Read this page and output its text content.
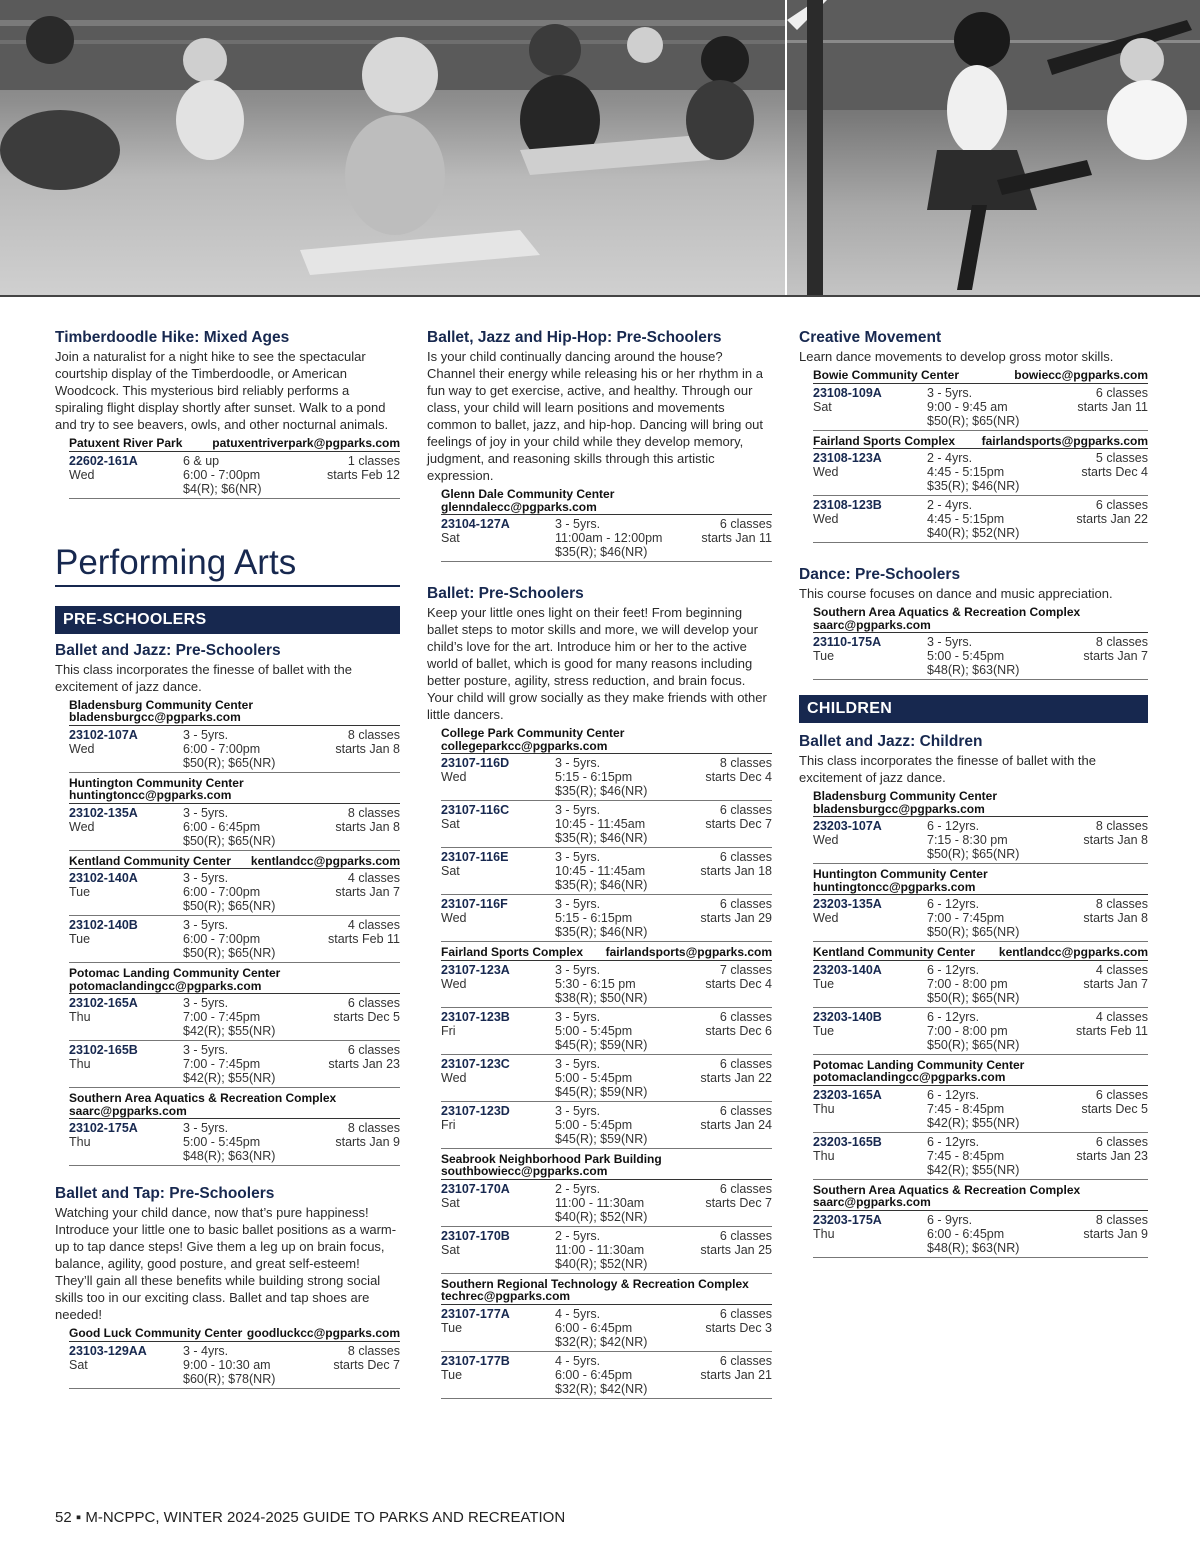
Timberdoodle Hike: Mixed Ages
Join a naturalist for a night hike to see the spectacular courtship display of the Timberdoodle, or American Woodcock. This mysterious bird reliably performs a spiraling flight display shortly after sunset. Walk to a pond and try to see beavers, owls, and other nocturnal animals.
Patuxent River Park patuxentriverpark@pgparks.com
22602-161A	6 & up	1 classes
Wed	6:00 - 7:00pm	starts Feb 12
$4(R); $6(NR)
Performing Arts
PRE-SCHOOLERS
Ballet and Jazz: Pre-Schoolers
This class incorporates the finesse of ballet with the excitement of jazz dance.
Bladensburg Community Center
bladensburgcc@pgparks.com
23102-107A	3 - 5yrs.	8 classes
Wed	6:00 - 7:00pm	starts Jan 8
$50(R); $65(NR)
Huntington Community Center
huntingtoncc@pgparks.com
23102-135A	3 - 5yrs.	8 classes
Wed	6:00 - 6:45pm	starts Jan 8
$50(R); $65(NR)
Kentland Community Center kentlandcc@pgparks.com
23102-140A	3 - 5yrs.	4 classes
Tue	6:00 - 7:00pm	starts Jan 7
$50(R); $65(NR)
23102-140B	3 - 5yrs.	4 classes
Tue	6:00 - 7:00pm	starts Feb 11
$50(R); $65(NR)
Potomac Landing Community Center
potomaclandingcc@pgparks.com
23102-165A	3 - 5yrs.	6 classes
Thu	7:00 - 7:45pm	starts Dec 5
$42(R); $55(NR)
23102-165B	3 - 5yrs.	6 classes
Thu	7:00 - 7:45pm	starts Jan 23
$42(R); $55(NR)
Southern Area Aquatics & Recreation Complex
saarc@pgparks.com
23102-175A	3 - 5yrs.	8 classes
Thu	5:00 - 5:45pm	starts Jan 9
$48(R); $63(NR)
Ballet and Tap: Pre-Schoolers
Watching your child dance, now that’s pure happiness! Introduce your little one to basic ballet positions as a warm-up to tap dance steps! Give them a leg up on brain focus, balance, agility, good posture, and great self-esteem! They’ll gain all these benefits while building strong social skills too in our exciting class. Ballet and tap shoes are needed!
Good Luck Community Center goodluckcc@pgparks.com
23103-129AA	3 - 4yrs.	8 classes
Sat	9:00 - 10:30 am	starts Dec 7
$60(R); $78(NR)
Ballet, Jazz and Hip-Hop: Pre-Schoolers
Is your child continually dancing around the house? Channel their energy while releasing his or her rhythm in a fun way to get exercise, active, and healthy. Through our class, your child will learn positions and movements common to ballet, jazz, and hip-hop. Dancing will bring out feelings of joy in your child while they develop memory, judgment, and reasoning skills through this artistic expression.
Glenn Dale Community Center
glenndalecc@pgparks.com
23104-127A	3 - 5yrs.	6 classes
Sat	11:00am - 12:00pm	starts Jan 11
$35(R); $46(NR)
Ballet: Pre-Schoolers
Keep your little ones light on their feet! From beginning ballet steps to motor skills and more, we will develop your child’s love for the art. Introduce him or her to the active world of ballet, which is good for many reasons including better posture, agility, stress reduction, and brain focus. Your child will grow socially as they make friends with other little dancers.
College Park Community Center
collegeparkcc@pgparks.com
23107-116D	3 - 5yrs.	8 classes
Wed	5:15 - 6:15pm	starts Dec 4
$35(R); $46(NR)
23107-116C	3 - 5yrs.	6 classes
Sat	10:45 - 11:45am	starts Dec 7
$35(R); $46(NR)
23107-116E	3 - 5yrs.	6 classes
Sat	10:45 - 11:45am	starts Jan 18
$35(R); $46(NR)
23107-116F	3 - 5yrs.	6 classes
Wed	5:15 - 6:15pm	starts Jan 29
$35(R); $46(NR)
Fairland Sports Complex fairlandsports@pgparks.com
23107-123A	3 - 5yrs.	7 classes
Wed	5:30 - 6:15 pm	starts Dec 4
$38(R); $50(NR)
23107-123B	3 - 5yrs.	6 classes
Fri	5:00 - 5:45pm	starts Dec 6
$45(R); $59(NR)
23107-123C	3 - 5yrs.	6 classes
Wed	5:00 - 5:45pm	starts Jan 22
$45(R); $59(NR)
23107-123D	3 - 5yrs.	6 classes
Fri	5:00 - 5:45pm	starts Jan 24
$45(R); $59(NR)
Seabrook Neighborhood Park Building
southbowiecc@pgparks.com
23107-170A	2 - 5yrs.	6 classes
Sat	11:00 - 11:30am	starts Dec 7
$40(R); $52(NR)
23107-170B	2 - 5yrs.	6 classes
Sat	11:00 - 11:30am	starts Jan 25
$40(R); $52(NR)
Southern Regional Technology & Recreation Complex
techrec@pgparks.com
23107-177A	4 - 5yrs.	6 classes
Tue	6:00 - 6:45pm	starts Dec 3
$32(R); $42(NR)
23107-177B	4 - 5yrs.	6 classes
Tue	6:00 - 6:45pm	starts Jan 21
$32(R); $42(NR)
Creative Movement
Learn dance movements to develop gross motor skills.
Bowie Community Center	bowiecc@pgparks.com
23108-109A	3 - 5yrs.	6 classes
Sat	9:00 - 9:45 am	starts Jan 11
$50(R); $65(NR)
Fairland Sports Complex fairlandsports@pgparks.com
23108-123A	2 - 4yrs.	5 classes
Wed	4:45 - 5:15pm	starts Dec 4
$35(R); $46(NR)
23108-123B	2 - 4yrs.	6 classes
Wed	4:45 - 5:15pm	starts Jan 22
$40(R); $52(NR)
Dance: Pre-Schoolers
This course focuses on dance and music appreciation.
Southern Area Aquatics & Recreation Complex
saarc@pgparks.com
23110-175A	3 - 5yrs.	8 classes
Tue	5:00 - 5:45pm	starts Jan 7
$48(R); $63(NR)
CHILDREN
Ballet and Jazz: Children
This class incorporates the finesse of ballet with the excitement of jazz dance.
Bladensburg Community Center
bladensburgcc@pgparks.com
23203-107A	6 - 12yrs.	8 classes
Wed	7:15 - 8:30 pm	starts Jan 8
$50(R); $65(NR)
Huntington Community Center
huntingtoncc@pgparks.com
23203-135A	6 - 12yrs.	8 classes
Wed	7:00 - 7:45pm	starts Jan 8
$50(R); $65(NR)
Kentland Community Center kentlandcc@pgparks.com
23203-140A	6 - 12yrs.	4 classes
Tue	7:00 - 8:00 pm	starts Jan 7
$50(R); $65(NR)
23203-140B	6 - 12yrs.	4 classes
Tue	7:00 - 8:00 pm	starts Feb 11
$50(R); $65(NR)
Potomac Landing Community Center
potomaclandingcc@pgparks.com
23203-165A	6 - 12yrs.	6 classes
Thu	7:45 - 8:45pm	starts Dec 5
$42(R); $55(NR)
23203-165B	6 - 12yrs.	6 classes
Thu	7:45 - 8:45pm	starts Jan 23
$42(R); $55(NR)
Southern Area Aquatics & Recreation Complex
saarc@pgparks.com
23203-175A	6 - 9yrs.	8 classes
Thu	6:00 - 6:45pm	starts Jan 9
$48(R); $63(NR)
52 ▪ M-NCPPC, WINTER 2024-2025 GUIDE TO PARKS AND RECREATION
